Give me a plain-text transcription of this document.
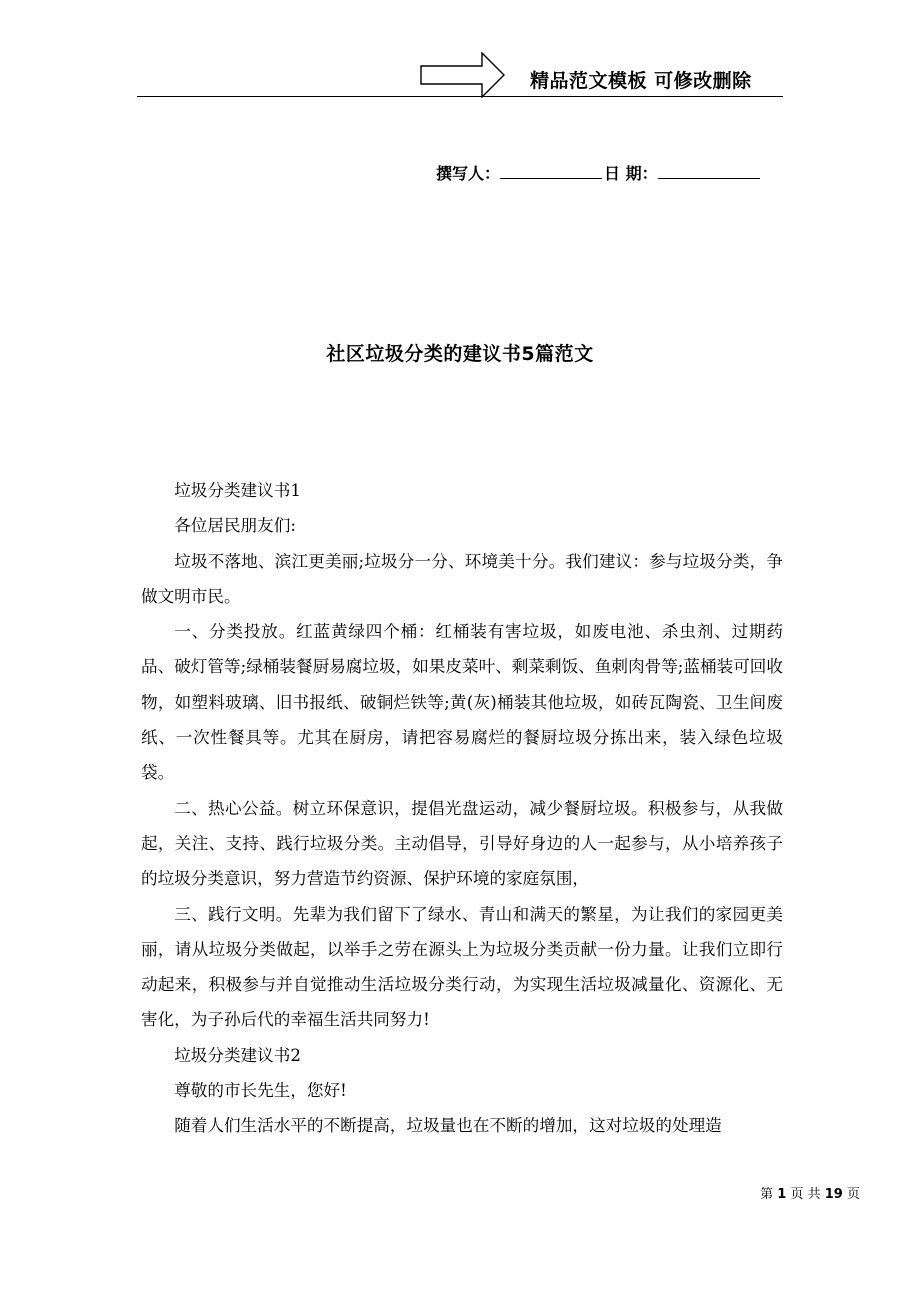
精品范文模板 可修改删除
撰写人：	日 期：
社区垃圾分类的建议书5篇范文

垃圾分类建议书1

各位居民朋友们:

垃圾不落地、滨江更美丽;垃圾分一分、环境美十分。我们建议：参与垃圾分类，争做文明市民。

一、分类投放。红蓝黄绿四个桶：红桶装有害垃圾，如废电池、杀虫剂、过期药品、破灯管等;绿桶装餐厨易腐垃圾，如果皮菜叶、剩菜剩饭、鱼刺肉骨等;蓝桶装可回收物，如塑料玻璃、旧书报纸、破铜烂铁等;黄(灰)桶装其他垃圾，如砖瓦陶瓷、卫生间废纸、一次性餐具等。尤其在厨房，请把容易腐烂的餐厨垃圾分拣出来，装入绿色垃圾袋。

二、热心公益。树立环保意识，提倡光盘运动，减少餐厨垃圾。积极参与，从我做起，关注、支持、践行垃圾分类。主动倡导，引导好身边的人一起参与，从小培养孩子的垃圾分类意识，努力营造节约资源、保护环境的家庭氛围，

三、践行文明。先辈为我们留下了绿水、青山和满天的繁星，为让我们的家园更美丽，请从垃圾分类做起，以举手之劳在源头上为垃圾分类贡献一份力量。让我们立即行动起来，积极参与并自觉推动生活垃圾分类行动，为实现生活垃圾减量化、资源化、无害化，为子孙后代的幸福生活共同努力!

垃圾分类建议书2

尊敬的市长先生，您好!

随着人们生活水平的不断提高，垃圾量也在不断的增加，这对垃圾的处理造

第 1 页 共 19 页
